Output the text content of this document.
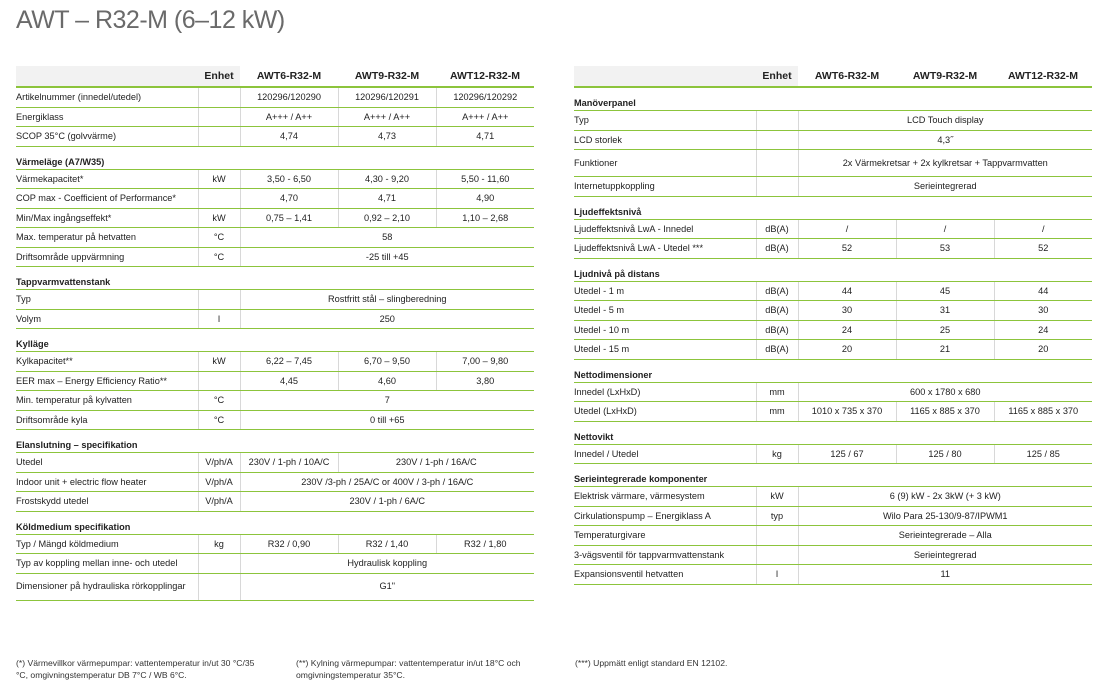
AWT – R32-M (6–12 kW)
	Enhet	AWT6-R32-M	AWT9-R32-M	AWT12-R32-M
Artikelnummer (innedel/utedel)		120296/120290	120296/120291	120296/120292
Energiklass		A+++ / A++	A+++ / A++	A+++ / A++
SCOP 35°C (golvvärme)		4,74	4,73	4,71
Värmeläge (A7/W35)				
Värmekapacitet*	kW	3,50 - 6,50	4,30 - 9,20	5,50 - 11,60
COP max - Coefficient of Performance*		4,70	4,71	4,90
Min/Max ingångseffekt*	kW	0,75 – 1,41	0,92 – 2,10	1,10 – 2,68
Max. temperatur på hetvatten	°C	58		
Driftsområde uppvärmning	°C	-25 till +45		
Tappvarmvattenstank				
Typ		Rostfritt stål – slingberedning		
Volym	l	250		
Kylläge				
Kylkapacitet**	kW	6,22 – 7,45	6,70 – 9,50	7,00 – 9,80
EER max – Energy Efficiency Ratio**		4,45	4,60	3,80
Min. temperatur på kylvatten	°C	7		
Driftsområde kyla	°C	0 till +65		
Elanslutning – specifikation				
Utedel	V/ph/A	230V / 1-ph / 10A/C	230V / 1-ph / 16A/C	
Indoor unit + electric flow heater	V/ph/A	230V /3-ph / 25A/C or 400V / 3-ph / 16A/C		
Frostskydd utedel	V/ph/A	230V / 1-ph / 6A/C		
Köldmedium specifikation				
Typ / Mängd köldmedium	kg	R32 / 0,90	R32 / 1,40	R32 / 1,80
Typ av koppling mellan inne- och utedel		Hydraulisk koppling		
Dimensioner på hydrauliska rörkopplingar		G1"		
	Enhet	AWT6-R32-M	AWT9-R32-M	AWT12-R32-M
Manöverpanel				
Typ		LCD Touch display		
LCD storlek		4,3˝		
Funktioner		2x Värmekretsar + 2x kylkretsar + Tappvarmvatten		
Internetuppkoppling		Serieintegrerad		
Ljudeffektsnivå				
Ljudeffektsnivå LwA - Innedel	dB(A)	/	/	/
Ljudeffektsnivå LwA - Utedel ***	dB(A)	52	53	52
Ljudnivå på distans				
Utedel - 1 m	dB(A)	44	45	44
Utedel - 5 m	dB(A)	30	31	30
Utedel - 10 m	dB(A)	24	25	24
Utedel - 15 m	dB(A)	20	21	20
Nettodimensioner				
Innedel (LxHxD)	mm	600 x 1780 x 680		
Utedel (LxHxD)	mm	1010 x 735 x 370	1165 x 885 x 370	1165 x 885 x 370
Nettovikt				
Innedel / Utedel	kg	125 / 67	125 / 80	125 / 85
Serieintegrerade komponenter				
Elektrisk värmare, värmesystem	kW	6 (9) kW - 2x 3kW (+ 3 kW)		
Cirkulationspump – Energiklass A	typ	Wilo Para 25-130/9-87/IPWM1		
Temperaturgivare		Serieintegrerade – Alla		
3-vägsventil för tappvarmvattenstank		Serieintegrerad		
Expansionsventil hetvatten	l	11		
(*) Värmevillkor värmepumpar: vattentemperatur in/ut 30 °C/35 °C, omgivningstemperatur DB 7°C / WB 6°C.
(**) Kylning värmepumpar: vattentemperatur in/ut 18°C och omgivningstemperatur 35°C.
(***) Uppmätt enligt standard EN 12102.
